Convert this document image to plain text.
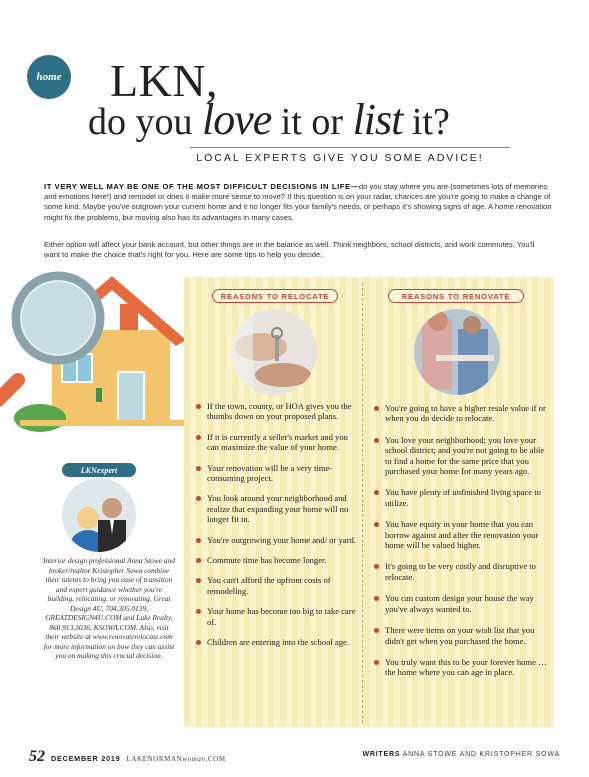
home LKN,
do you love it or list it?
LOCAL EXPERTS GIVE YOU SOME ADVICE!

IT VERY WELL MAY BE ONE OF THE MOST DIFFICULT DECISIONS IN LIFE—do you stay where you are (sometimes lots of memories and emotions here!) and remodel or does it make more sense to move? If this question is on your radar, chances are you're going to make a change of some kind. Maybe you've outgrown your current home and it no longer fits your family's needs, or perhaps it's showing signs of age. A home renovation might fix the problems, but moving also has its advantages in many cases.

Either option will affect your bank account, but other things are in the balance as well. Think neighbors, school districts, and work commutes. You'll want to make the choice that's right for you. Here are some tips to help you decide:

REASONS TO RELOCATE	REASONS TO RENOVATE
If the town, county, or HOA gives you the thumbs down on your proposed plans.
If it is currently a seller's market and you can maximize the value of your home.
Your renovation will be a very time-consuming project.
You look around your neighborhood and realize that expanding your home will no longer fit in.
You're outgrowing your home and/ or yard.
Commute time has become longer.
You can't afford the upfront costs of remodeling.
Your home has become too big to take care of.
Children are entering into the school age.
You're going to have a higher resale value if or when you do decide to relocate.
You love your neighborhood; you love your school district; and you're not going to be able to find a home for the same price that you purchased your home for many years ago.
You have plenty of unfinished living space to utilize.
You have equity in your home that you can borrow against and after the renovation your home will be valued higher.
It's going to be very costly and disruptive to relocate.
You can custom design your house the way you've always wanted to.
There were items on your wish list that you didn't get when you purchased the home.
You truly want this to be your forever home … the home where you can age in place.
LKNexpert

Interior design professional Anna Stowe and broker/realtor Kristopher Sowa combine their talents to bring you ease of transition and expert guidance whether you're building, relocating, or renovating. Great Design 4U, 704.305.0139, GREATDESIGN4U.COM and Lake Realty, 860.913.3036, KSOWA.COM. Also, visit their website at www.renovaterelocate.com for more information on how they can assist you on making this crucial decision.

52 DECEMBER 2019 LAKENORMANwoman.COM
WRITERS ANNA STOWE AND KRISTOPHER SOWA
